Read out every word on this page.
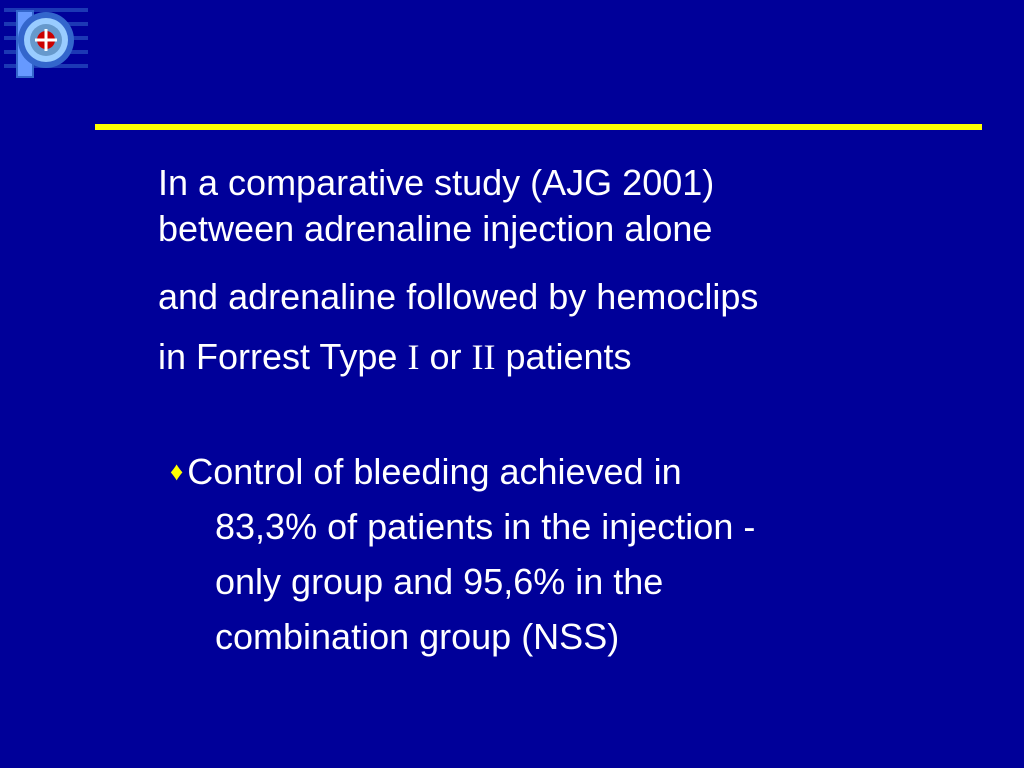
In a comparative study (AJG 2001)
between adrenaline injection alone
and adrenaline followed by hemoclips
in Forrest Type I or II patients
♦ Control of bleeding achieved in
83,3% of patients in the injection -
only group and 95,6% in the
combination group (NSS)
